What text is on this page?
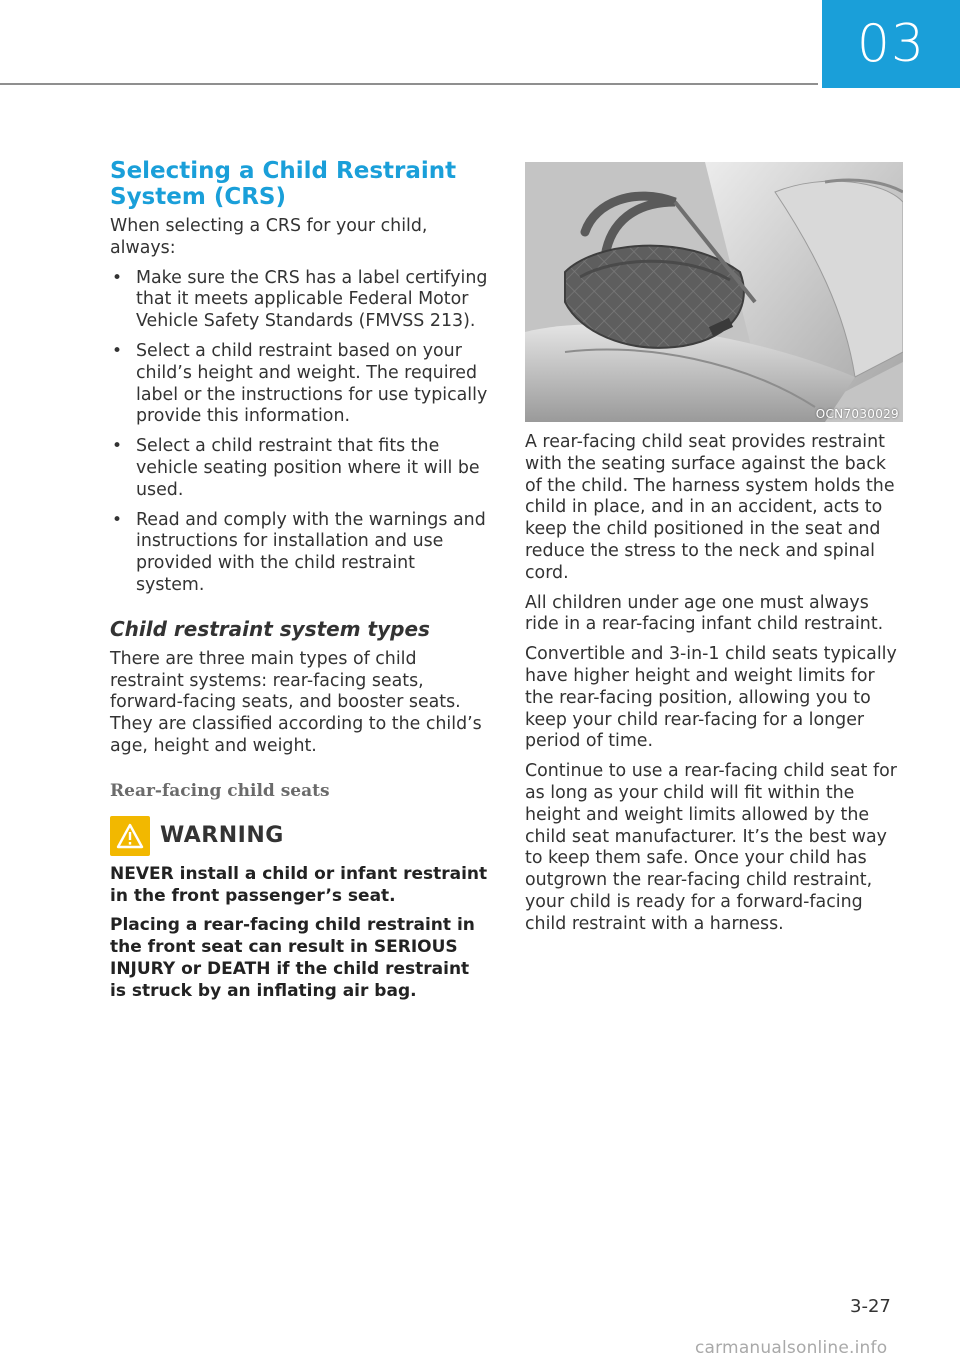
03
Selecting a Child Restraint
System (CRS)

When selecting a CRS for your child, always:

• Make sure the CRS has a label certifying that it meets applicable Federal Motor Vehicle Safety Standards (FMVSS 213).
• Select a child restraint based on your child’s height and weight. The required label or the instructions for use typically provide this information.
• Select a child restraint that fits the vehicle seating position where it will be used.
• Read and comply with the warnings and instructions for installation and use provided with the child restraint system.
Child restraint system types

There are three main types of child restraint systems: rear-facing seats, forward-facing seats, and booster seats. They are classified according to the child’s age, height and weight.

Rear-facing child seats
WARNING

NEVER install a child or infant restraint in the front passenger’s seat.

Placing a rear-facing child restraint in the front seat can result in SERIOUS INJURY or DEATH if the child restraint is struck by an inflating air bag.

OCN7030029

A rear-facing child seat provides restraint with the seating surface against the back of the child. The harness system holds the child in place, and in an accident, acts to keep the child positioned in the seat and reduce the stress to the neck and spinal cord.

All children under age one must always ride in a rear-facing infant child restraint.

Convertible and 3-in-1 child seats typically have higher height and weight limits for the rear-facing position, allowing you to keep your child rear-facing for a longer period of time.

Continue to use a rear-facing child seat for as long as your child will fit within the height and weight limits allowed by the child seat manufacturer. It’s the best way to keep them safe. Once your child has outgrown the rear-facing child restraint, your child is ready for a forward-facing child restraint with a harness.

3-27
carmanualsonline.info
